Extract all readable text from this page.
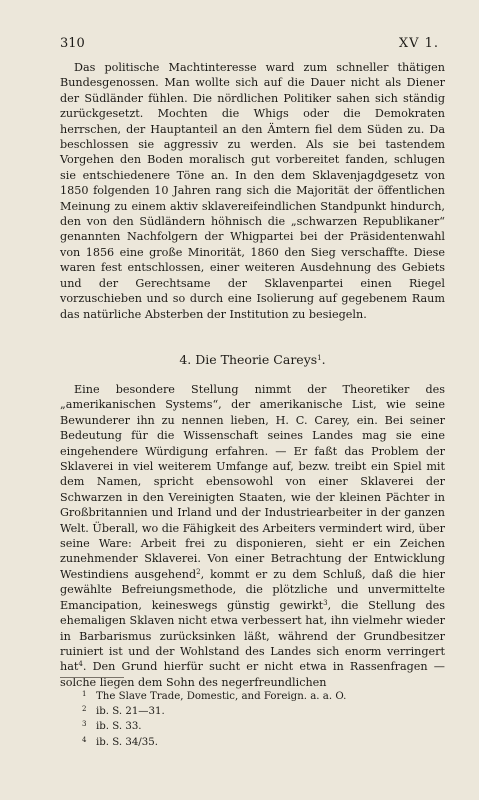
310	XV 1.

Das politische Machtinteresse ward zum schneller thätigen Bundesgenossen. Man wollte sich auf die Dauer nicht als Diener der Südländer fühlen. Die nördlichen Politiker sahen sich ständig zurückgesetzt. Mochten die Whigs oder die Demokraten herrschen, der Hauptanteil an den Ämtern fiel dem Süden zu. Da beschlossen sie aggressiv zu werden. Als sie bei tastendem Vorgehen den Boden moralisch gut vorbereitet fanden, schlugen sie entschiedenere Töne an. In den dem Sklavenjagdgesetz von 1850 folgenden 10 Jahren rang sich die Majorität der öffentlichen Meinung zu einem aktiv sklavereifeindlichen Standpunkt hindurch, den von den Südländern höhnisch die „schwarzen Republikaner“ genannten Nachfolgern der Whigpartei bei der Präsidentenwahl von 1856 eine große Minorität, 1860 den Sieg verschaffte. Diese waren fest entschlossen, einer weiteren Ausdehnung des Gebiets und der Gerechtsame der Sklavenpartei einen Riegel vorzuschieben und so durch eine Isolierung auf gegebenem Raum das natürliche Absterben der Institution zu besiegeln.

4. Die Theorie Careys$^1$.

Eine besondere Stellung nimmt der Theoretiker des „amerikanischen Systems“, der amerikanische List, wie seine Bewunderer ihn zu nennen lieben, H. C. Carey, ein. Bei seiner Bedeutung für die Wissenschaft seines Landes mag sie eine eingehendere Würdigung erfahren. — Er faßt das Problem der Sklaverei in viel weiterem Umfange auf, bezw. treibt ein Spiel mit dem Namen, spricht ebensowohl von einer Sklaverei der Schwarzen in den Vereinigten Staaten, wie der kleinen Pächter in Großbritannien und Irland und der Industriearbeiter in der ganzen Welt. Überall, wo die Fähigkeit des Arbeiters vermindert wird, über seine Ware: Arbeit frei zu disponieren, sieht er ein Zeichen zunehmender Sklaverei. Von einer Betrachtung der Entwicklung Westindiens ausgehend$^2$, kommt er zu dem Schluß, daß die hier gewählte Befreiungsmethode, die plötzliche und unvermittelte Emancipation, keineswegs günstig gewirkt$^3$, die Stellung des ehemaligen Sklaven nicht etwa verbessert hat, ihn vielmehr wieder in Barbarismus zurücksinken läßt, während der Grundbesitzer ruiniert ist und der Wohlstand des Landes sich enorm verringert hat$^4$. Den Grund hierfür sucht er nicht etwa in Rassenfragen — solche liegen dem Sohn des negerfreundlichen

1 The Slave Trade, Domestic, and Foreign. a. a. O.
2 ib. S. 21—31.
3 ib. S. 33.
4 ib. S. 34/35.
